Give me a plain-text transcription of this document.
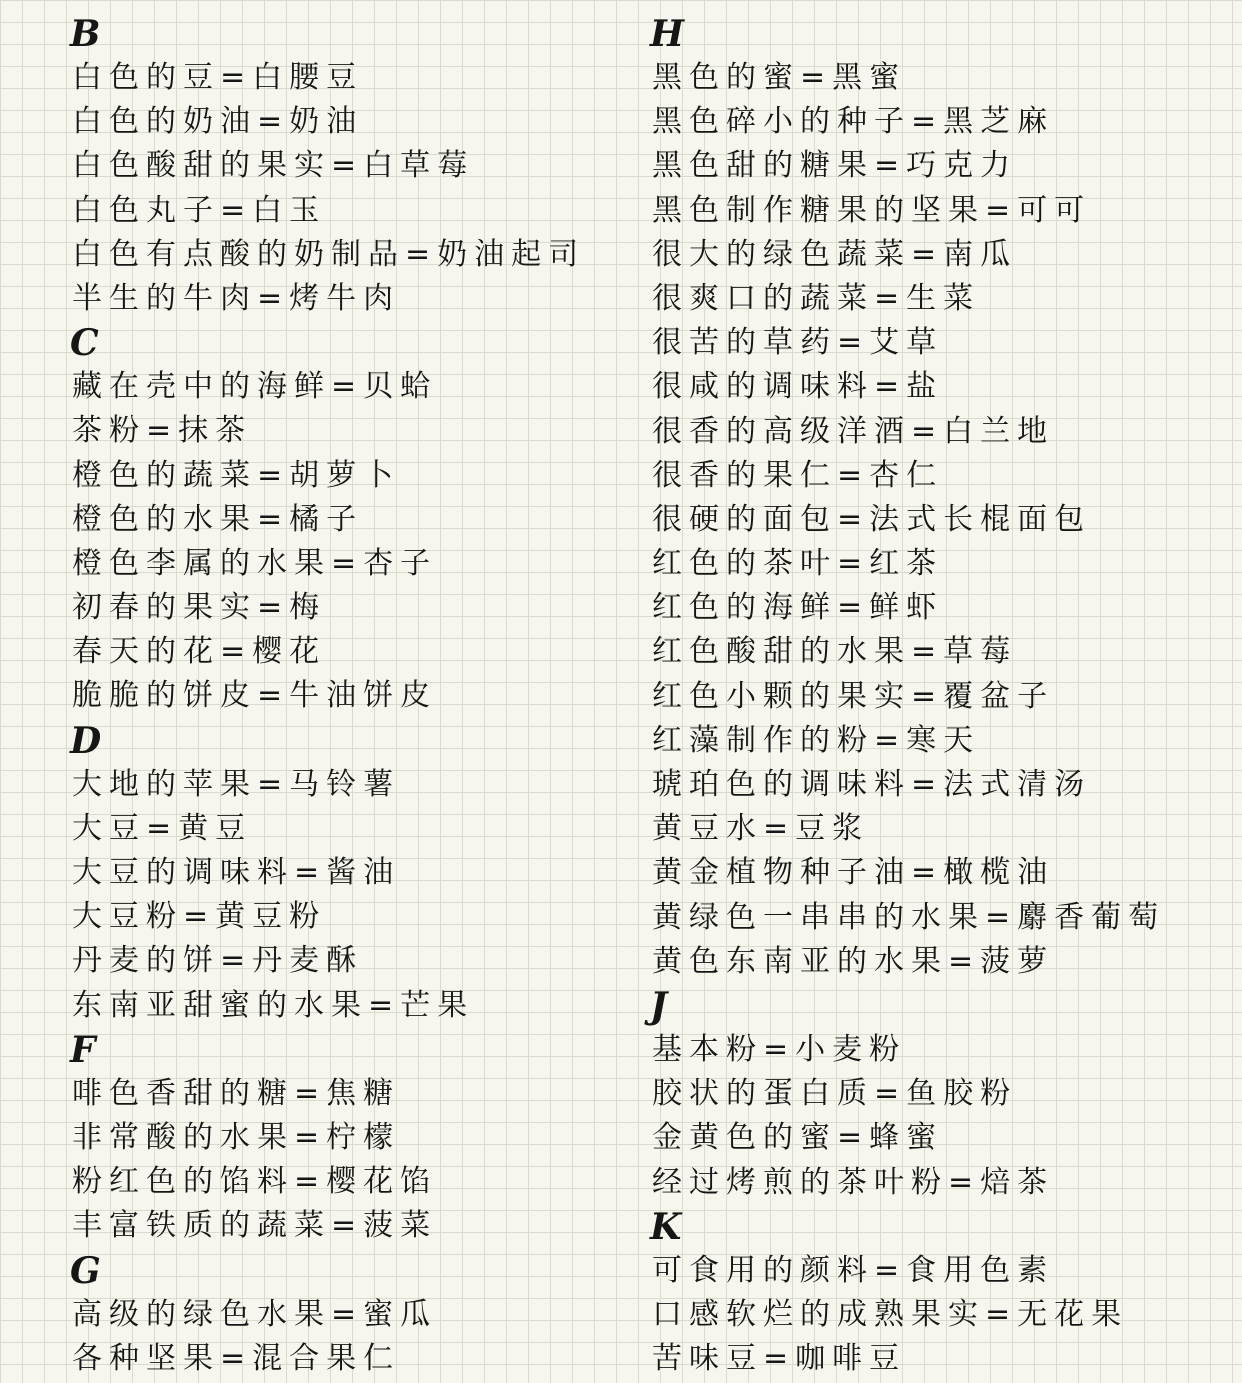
B
白色的豆=白腰豆
白色的奶油=奶油
白色酸甜的果实=白草莓
白色丸子=白玉
白色有点酸的奶制品=奶油起司
半生的牛肉=烤牛肉
C
藏在壳中的海鲜=贝蛤
茶粉=抹茶
橙色的蔬菜=胡萝卜
橙色的水果=橘子
橙色李属的水果=杏子
初春的果实=梅
春天的花=樱花
脆脆的饼皮=牛油饼皮
D
大地的苹果=马铃薯
大豆=黄豆
大豆的调味料=酱油
大豆粉=黄豆粉
丹麦的饼=丹麦酥
东南亚甜蜜的水果=芒果
F
啡色香甜的糖=焦糖
非常酸的水果=柠檬
粉红色的馅料=樱花馅
丰富铁质的蔬菜=菠菜
G
高级的绿色水果=蜜瓜
各种坚果=混合果仁
H
黑色的蜜=黑蜜
黑色碎小的种子=黑芝麻
黑色甜的糖果=巧克力
黑色制作糖果的坚果=可可
很大的绿色蔬菜=南瓜
很爽口的蔬菜=生菜
很苦的草药=艾草
很咸的调味料=盐
很香的高级洋酒=白兰地
很香的果仁=杏仁
很硬的面包=法式长棍面包
红色的茶叶=红茶
红色的海鲜=鲜虾
红色酸甜的水果=草莓
红色小颗的果实=覆盆子
红藻制作的粉=寒天
琥珀色的调味料=法式清汤
黄豆水=豆浆
黄金植物种子油=橄榄油
黄绿色一串串的水果=麝香葡萄
黄色东南亚的水果=菠萝
J
基本粉=小麦粉
胶状的蛋白质=鱼胶粉
金黄色的蜜=蜂蜜
经过烤煎的茶叶粉=焙茶
K
可食用的颜料=食用色素
口感软烂的成熟果实=无花果
苦味豆=咖啡豆
